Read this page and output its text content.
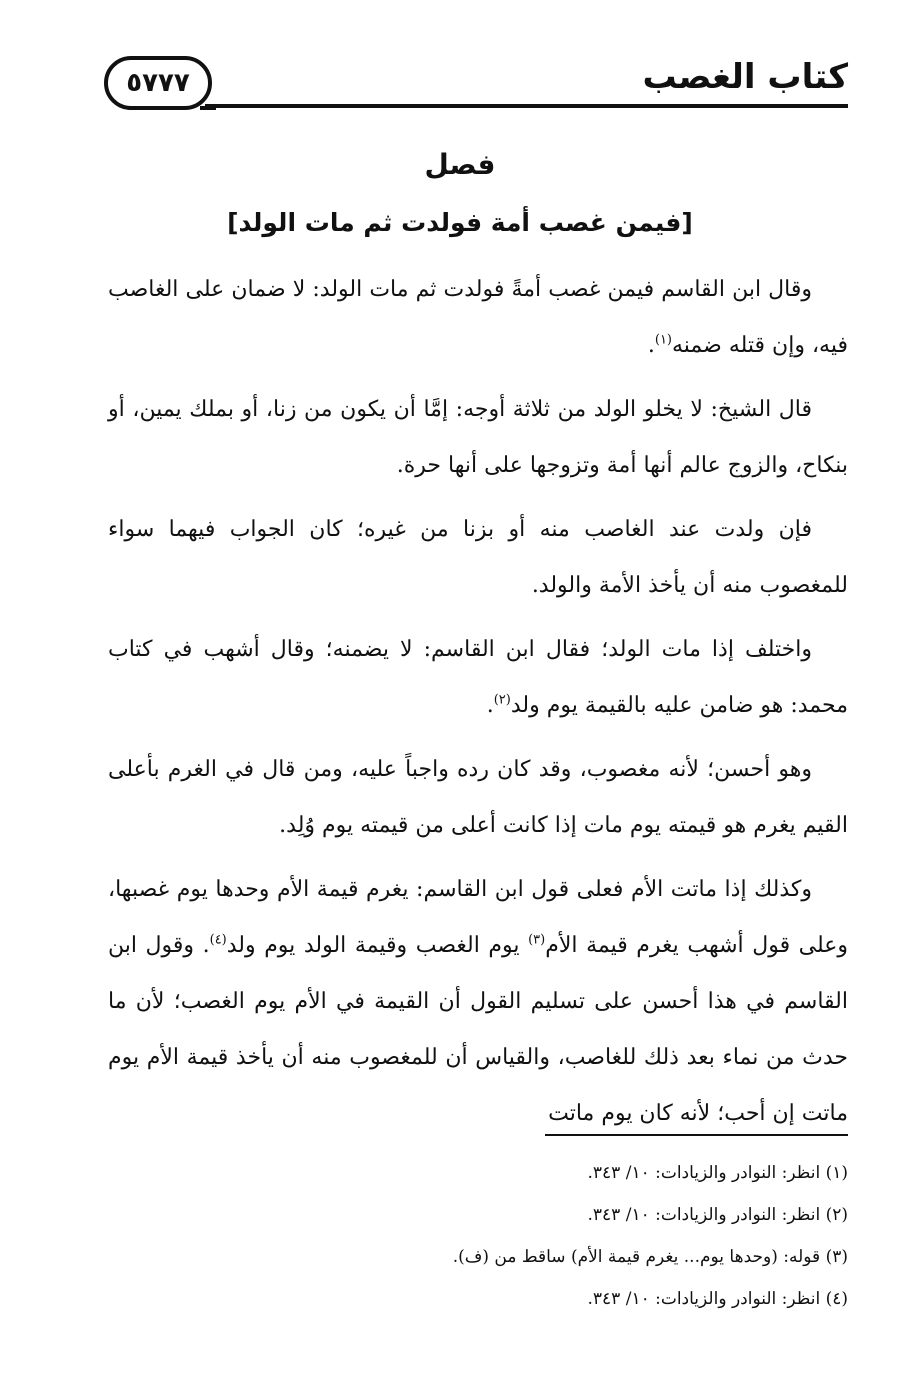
كتاب الغصب
٥٧٧٧
فصل
[فيمن غصب أمة فولدت ثم مات الولد]

وقال ابن القاسم فيمن غصب أمةً فولدت ثم مات الولد: لا ضمان على الغاصب فيه، وإن قتله ضمنه$^{(١)}$.

قال الشيخ: لا يخلو الولد من ثلاثة أوجه: إمَّا أن يكون من زنا، أو بملك يمين، أو بنكاح، والزوج عالم أنها أمة وتزوجها على أنها حرة.

فإن ولدت عند الغاصب منه أو بزنا من غيره؛ كان الجواب فيهما سواء للمغصوب منه أن يأخذ الأمة والولد.

واختلف إذا مات الولد؛ فقال ابن القاسم: لا يضمنه؛ وقال أشهب في كتاب محمد: هو ضامن عليه بالقيمة يوم ولد$^{(٢)}$.

وهو أحسن؛ لأنه مغصوب، وقد كان رده واجباً عليه، ومن قال في الغرم بأعلى القيم يغرم هو قيمته يوم مات إذا كانت أعلى من قيمته يوم وُلِد.

وكذلك إذا ماتت الأم فعلى قول ابن القاسم: يغرم قيمة الأم وحدها يوم غصبها، وعلى قول أشهب يغرم قيمة الأم$^{(٣)}$ يوم الغصب وقيمة الولد يوم ولد$^{(٤)}$. وقول ابن القاسم في هذا أحسن على تسليم القول أن القيمة في الأم يوم الغصب؛ لأن ما حدث من نماء بعد ذلك للغاصب، والقياس أن للمغصوب منه أن يأخذ قيمة الأم يوم ماتت إن أحب؛ لأنه كان يوم ماتت

(١) انظر: النوادر والزيادات: ١٠/ ٣٤٣.
(٢) انظر: النوادر والزيادات: ١٠/ ٣٤٣.
(٣) قوله: (وحدها يوم... يغرم قيمة الأم) ساقط من (ف).
(٤) انظر: النوادر والزيادات: ١٠/ ٣٤٣.
